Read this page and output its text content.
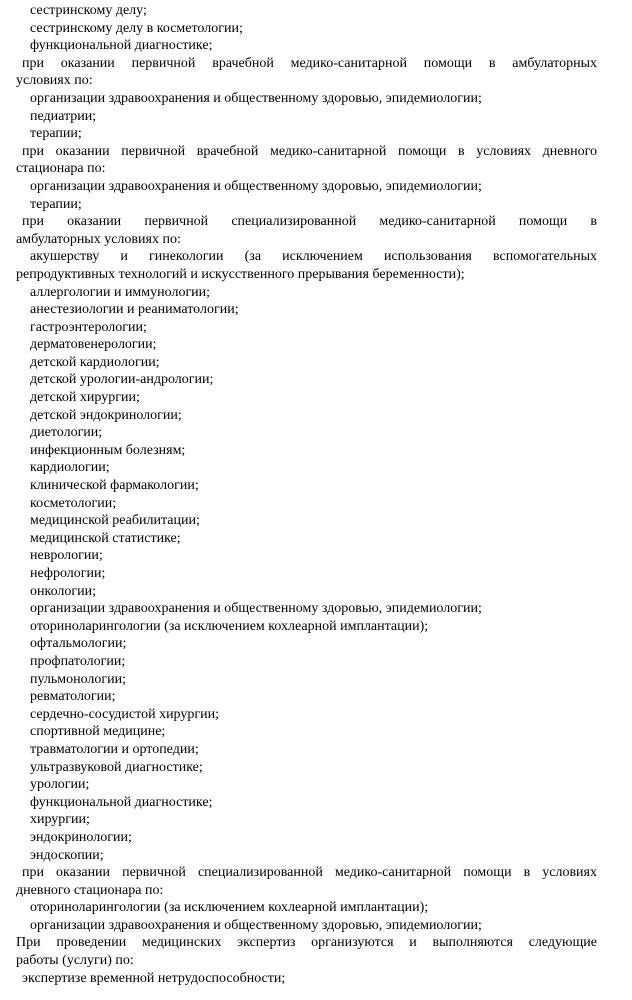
сестринскому делу;
сестринскому делу в косметологии;
функциональной диагностике;
при оказании первичной врачебной медико-санитарной помощи в амбулаторных
условиях по:
организации здравоохранения и общественному здоровью, эпидемиологии;
педиатрии;
терапии;
при оказании первичной врачебной медико-санитарной помощи в условиях дневного
стационара по:
организации здравоохранения и общественному здоровью, эпидемиологии;
терапии;
при оказании первичной специализированной медико-санитарной помощи в
амбулаторных условиях по:
акушерству и гинекологии (за исключением использования вспомогательных
репродуктивных технологий и искусственного прерывания беременности);
аллергологии и иммунологии;
анестезиологии и реаниматологии;
гастроэнтерологии;
дерматовенерологии;
детской кардиологии;
детской урологии-андрологии;
детской хирургии;
детской эндокринологии;
диетологии;
инфекционным болезням;
кардиологии;
клинической фармакологии;
косметологии;
медицинской реабилитации;
медицинской статистике;
неврологии;
нефрологии;
онкологии;
организации здравоохранения и общественному здоровью, эпидемиологии;
оториноларингологии (за исключением кохлеарной имплантации);
офтальмологии;
профпатологии;
пульмонологии;
ревматологии;
сердечно-сосудистой хирургии;
спортивной медицине;
травматологии и ортопедии;
ультразвуковой диагностике;
урологии;
функциональной диагностике;
хирургии;
эндокринологии;
эндоскопии;
при оказании первичной специализированной медико-санитарной помощи в условиях
дневного стационара по:
оториноларингологии (за исключением кохлеарной имплантации);
организации здравоохранения и общественному здоровью, эпидемиологии;
При проведении медицинских экспертиз организуются и выполняются следующие
работы (услуги) по:
экспертизе временной нетрудоспособности;
